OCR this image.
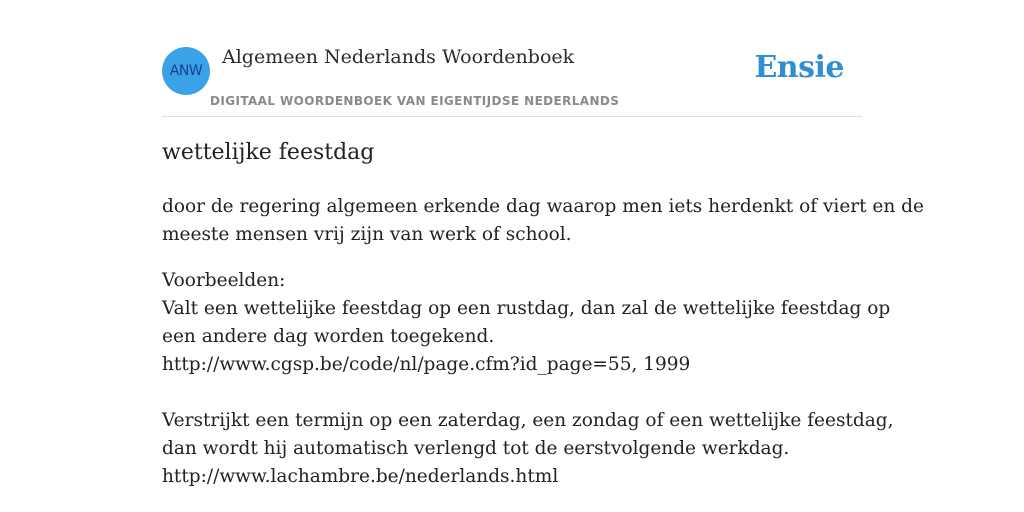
ANW
Algemeen Nederlands Woordenboek
DIGITAAL WOORDENBOEK VAN EIGENTIJDSE NEDERLANDS
Ensie
wettelijke feestdag
door de regering algemeen erkende dag waarop men iets herdenkt of viert en de
meeste mensen vrij zijn van werk of school.
Voorbeelden:
Valt een wettelijke feestdag op een rustdag, dan zal de wettelijke feestdag op
een andere dag worden toegekend.
http://www.cgsp.be/code/nl/page.cfm?id_page=55, 1999
Verstrijkt een termijn op een zaterdag, een zondag of een wettelijke feestdag,
dan wordt hij automatisch verlengd tot de eerstvolgende werkdag.
http://www.lachambre.be/nederlands.html
